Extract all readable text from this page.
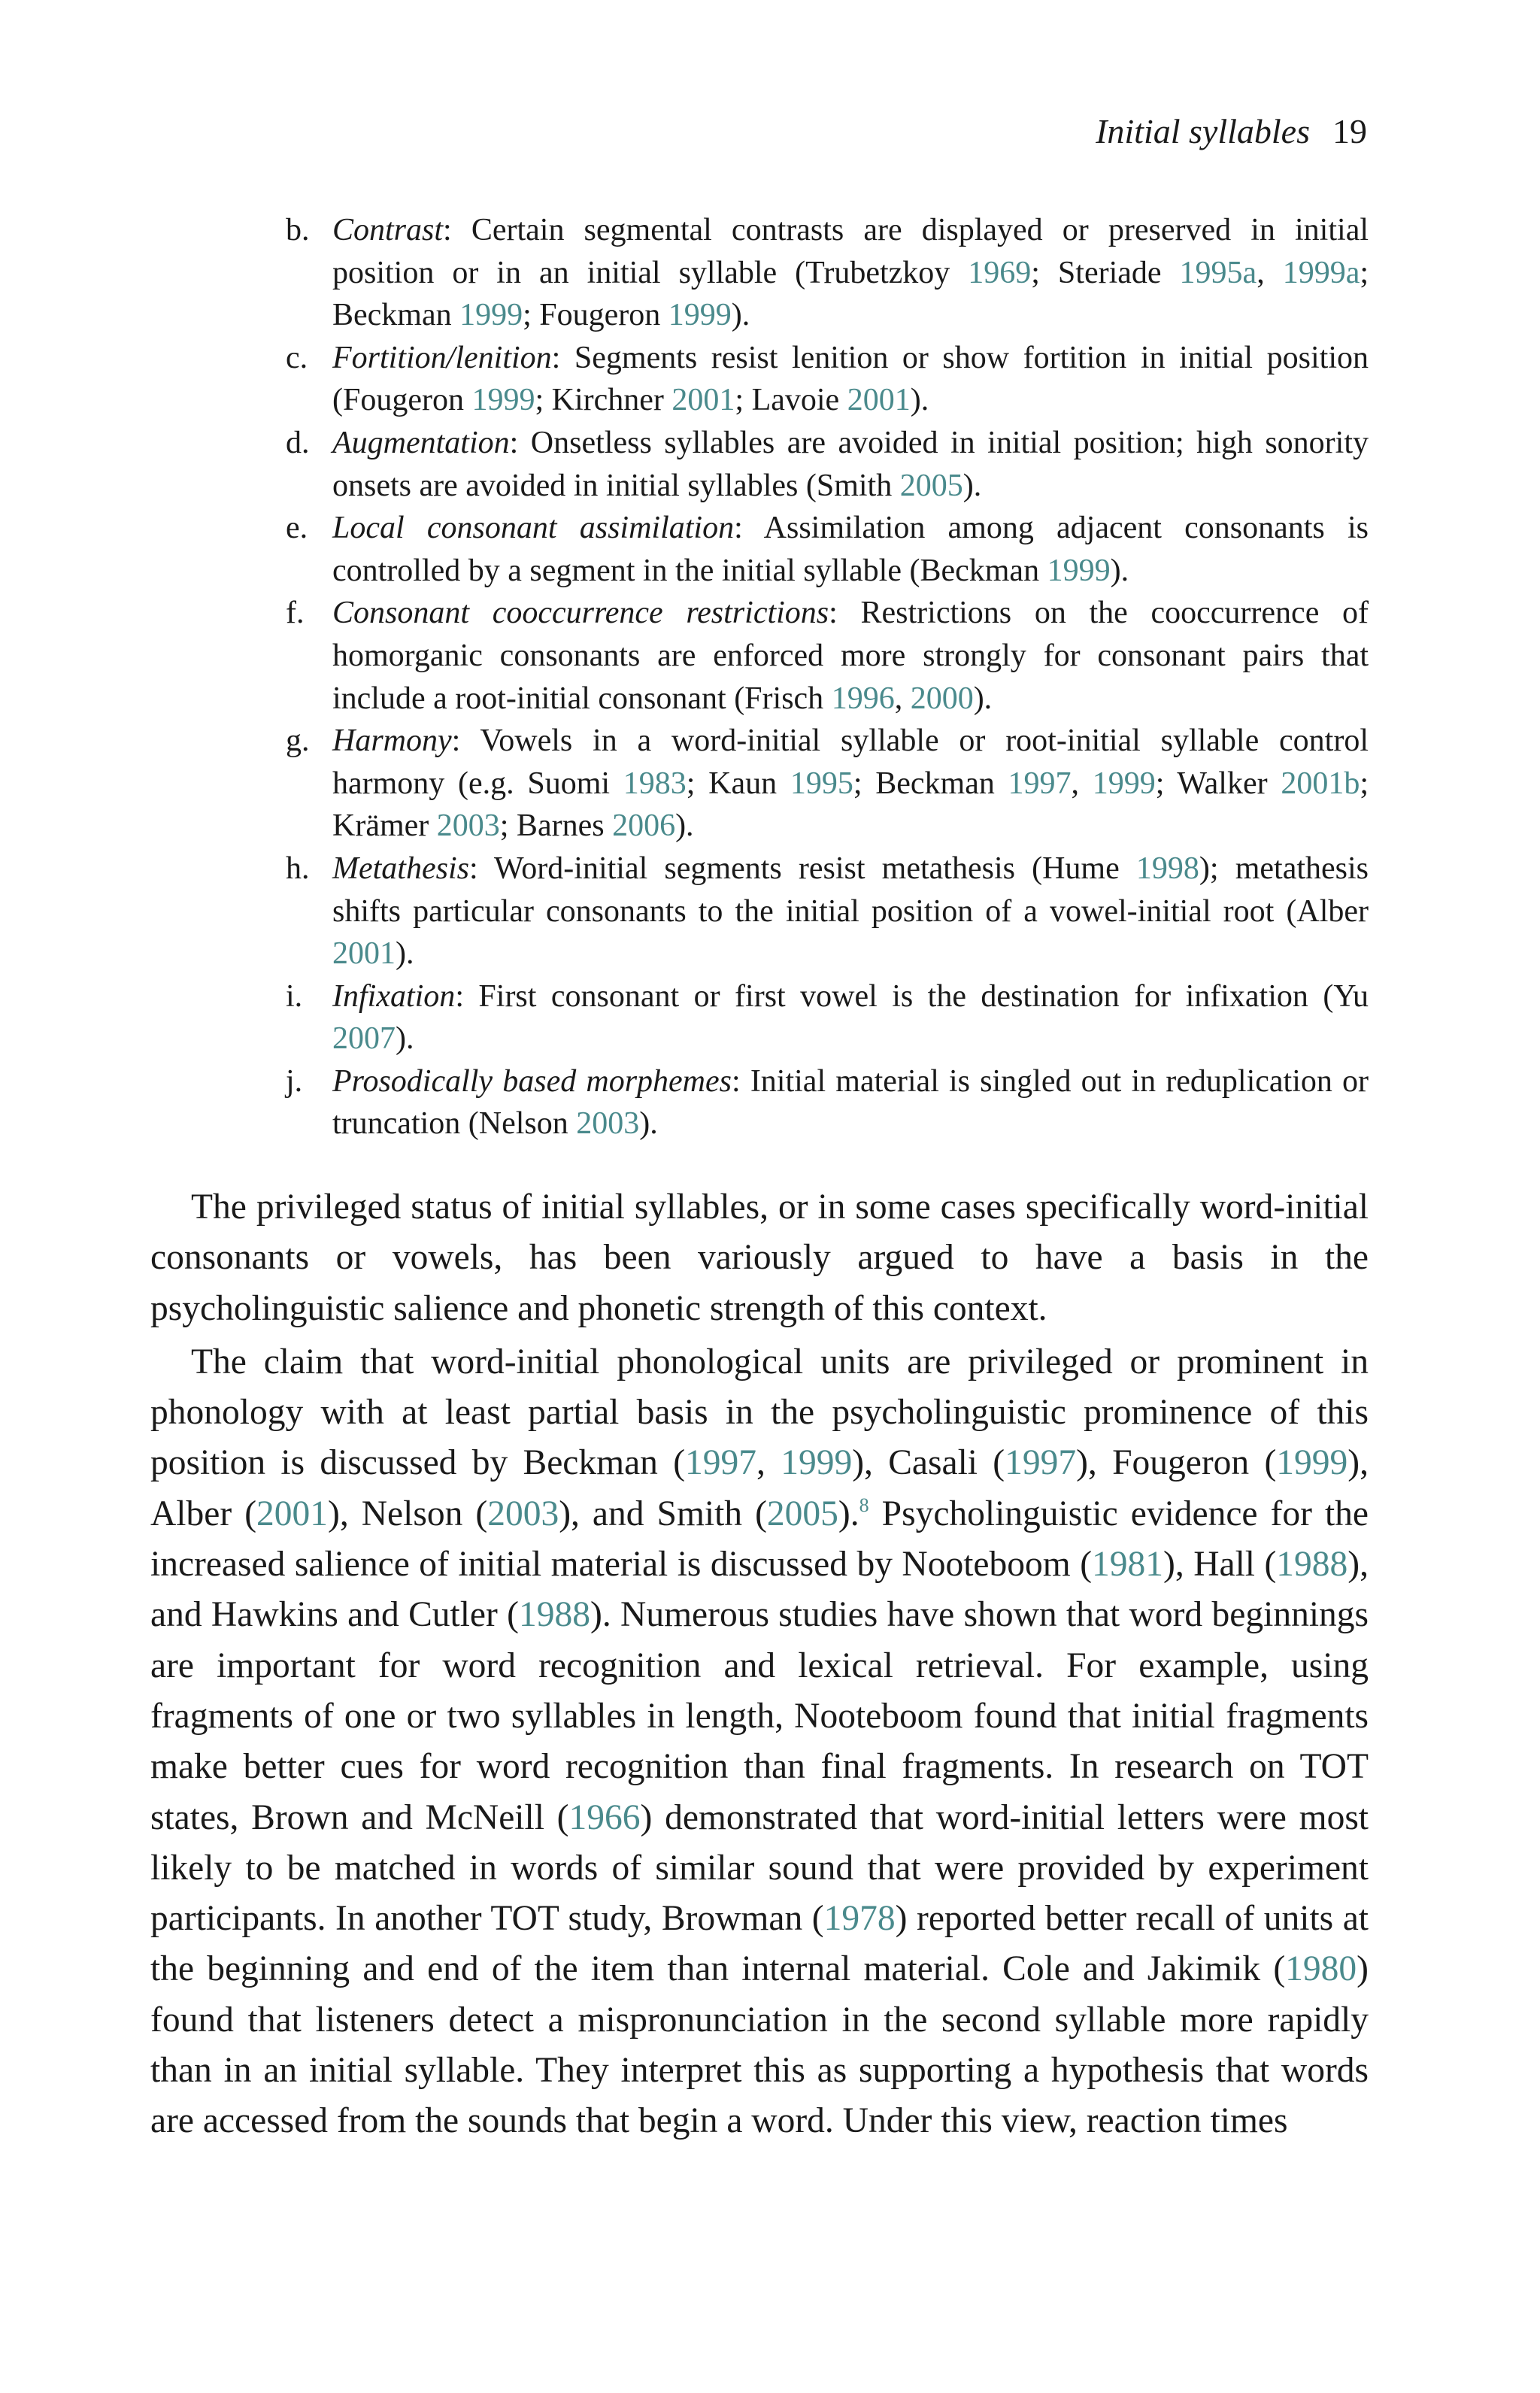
Initial syllables 19
b. Contrast: Certain segmental contrasts are displayed or preserved in initial position or in an initial syllable (Trubetzkoy 1969; Steriade 1995a, 1999a; Beckman 1999; Fougeron 1999).
c. Fortition/lenition: Segments resist lenition or show fortition in initial position (Fougeron 1999; Kirchner 2001; Lavoie 2001).
d. Augmentation: Onsetless syllables are avoided in initial position; high sonority onsets are avoided in initial syllables (Smith 2005).
e. Local consonant assimilation: Assimilation among adjacent consonants is controlled by a segment in the initial syllable (Beckman 1999).
f. Consonant cooccurrence restrictions: Restrictions on the cooccurrence of homorganic consonants are enforced more strongly for consonant pairs that include a root-initial consonant (Frisch 1996, 2000).
g. Harmony: Vowels in a word-initial syllable or root-initial syllable control harmony (e.g. Suomi 1983; Kaun 1995; Beckman 1997, 1999; Walker 2001b; Krämer 2003; Barnes 2006).
h. Metathesis: Word-initial segments resist metathesis (Hume 1998); metathesis shifts particular consonants to the initial position of a vowel-initial root (Alber 2001).
i. Infixation: First consonant or first vowel is the destination for infixation (Yu 2007).
j. Prosodically based morphemes: Initial material is singled out in reduplication or truncation (Nelson 2003).

The privileged status of initial syllables, or in some cases specifically word-initial consonants or vowels, has been variously argued to have a basis in the psycholinguistic salience and phonetic strength of this context.

The claim that word-initial phonological units are privileged or prominent in phonology with at least partial basis in the psycholinguistic prominence of this position is discussed by Beckman (1997, 1999), Casali (1997), Fougeron (1999), Alber (2001), Nelson (2003), and Smith (2005).$^8$ Psycholinguistic evidence for the increased salience of initial material is discussed by Nooteboom (1981), Hall (1988), and Hawkins and Cutler (1988). Numerous studies have shown that word beginnings are important for word recognition and lexical retrieval. For example, using fragments of one or two syllables in length, Nooteboom found that initial fragments make better cues for word recognition than final fragments. In research on TOT states, Brown and McNeill (1966) demonstrated that word-initial letters were most likely to be matched in words of similar sound that were provided by experiment participants. In another TOT study, Browman (1978) reported better recall of units at the beginning and end of the item than internal material. Cole and Jakimik (1980) found that listeners detect a mispronunciation in the second syllable more rapidly than in an initial syllable. They interpret this as supporting a hypothesis that words are accessed from the sounds that begin a word. Under this view, reaction times
